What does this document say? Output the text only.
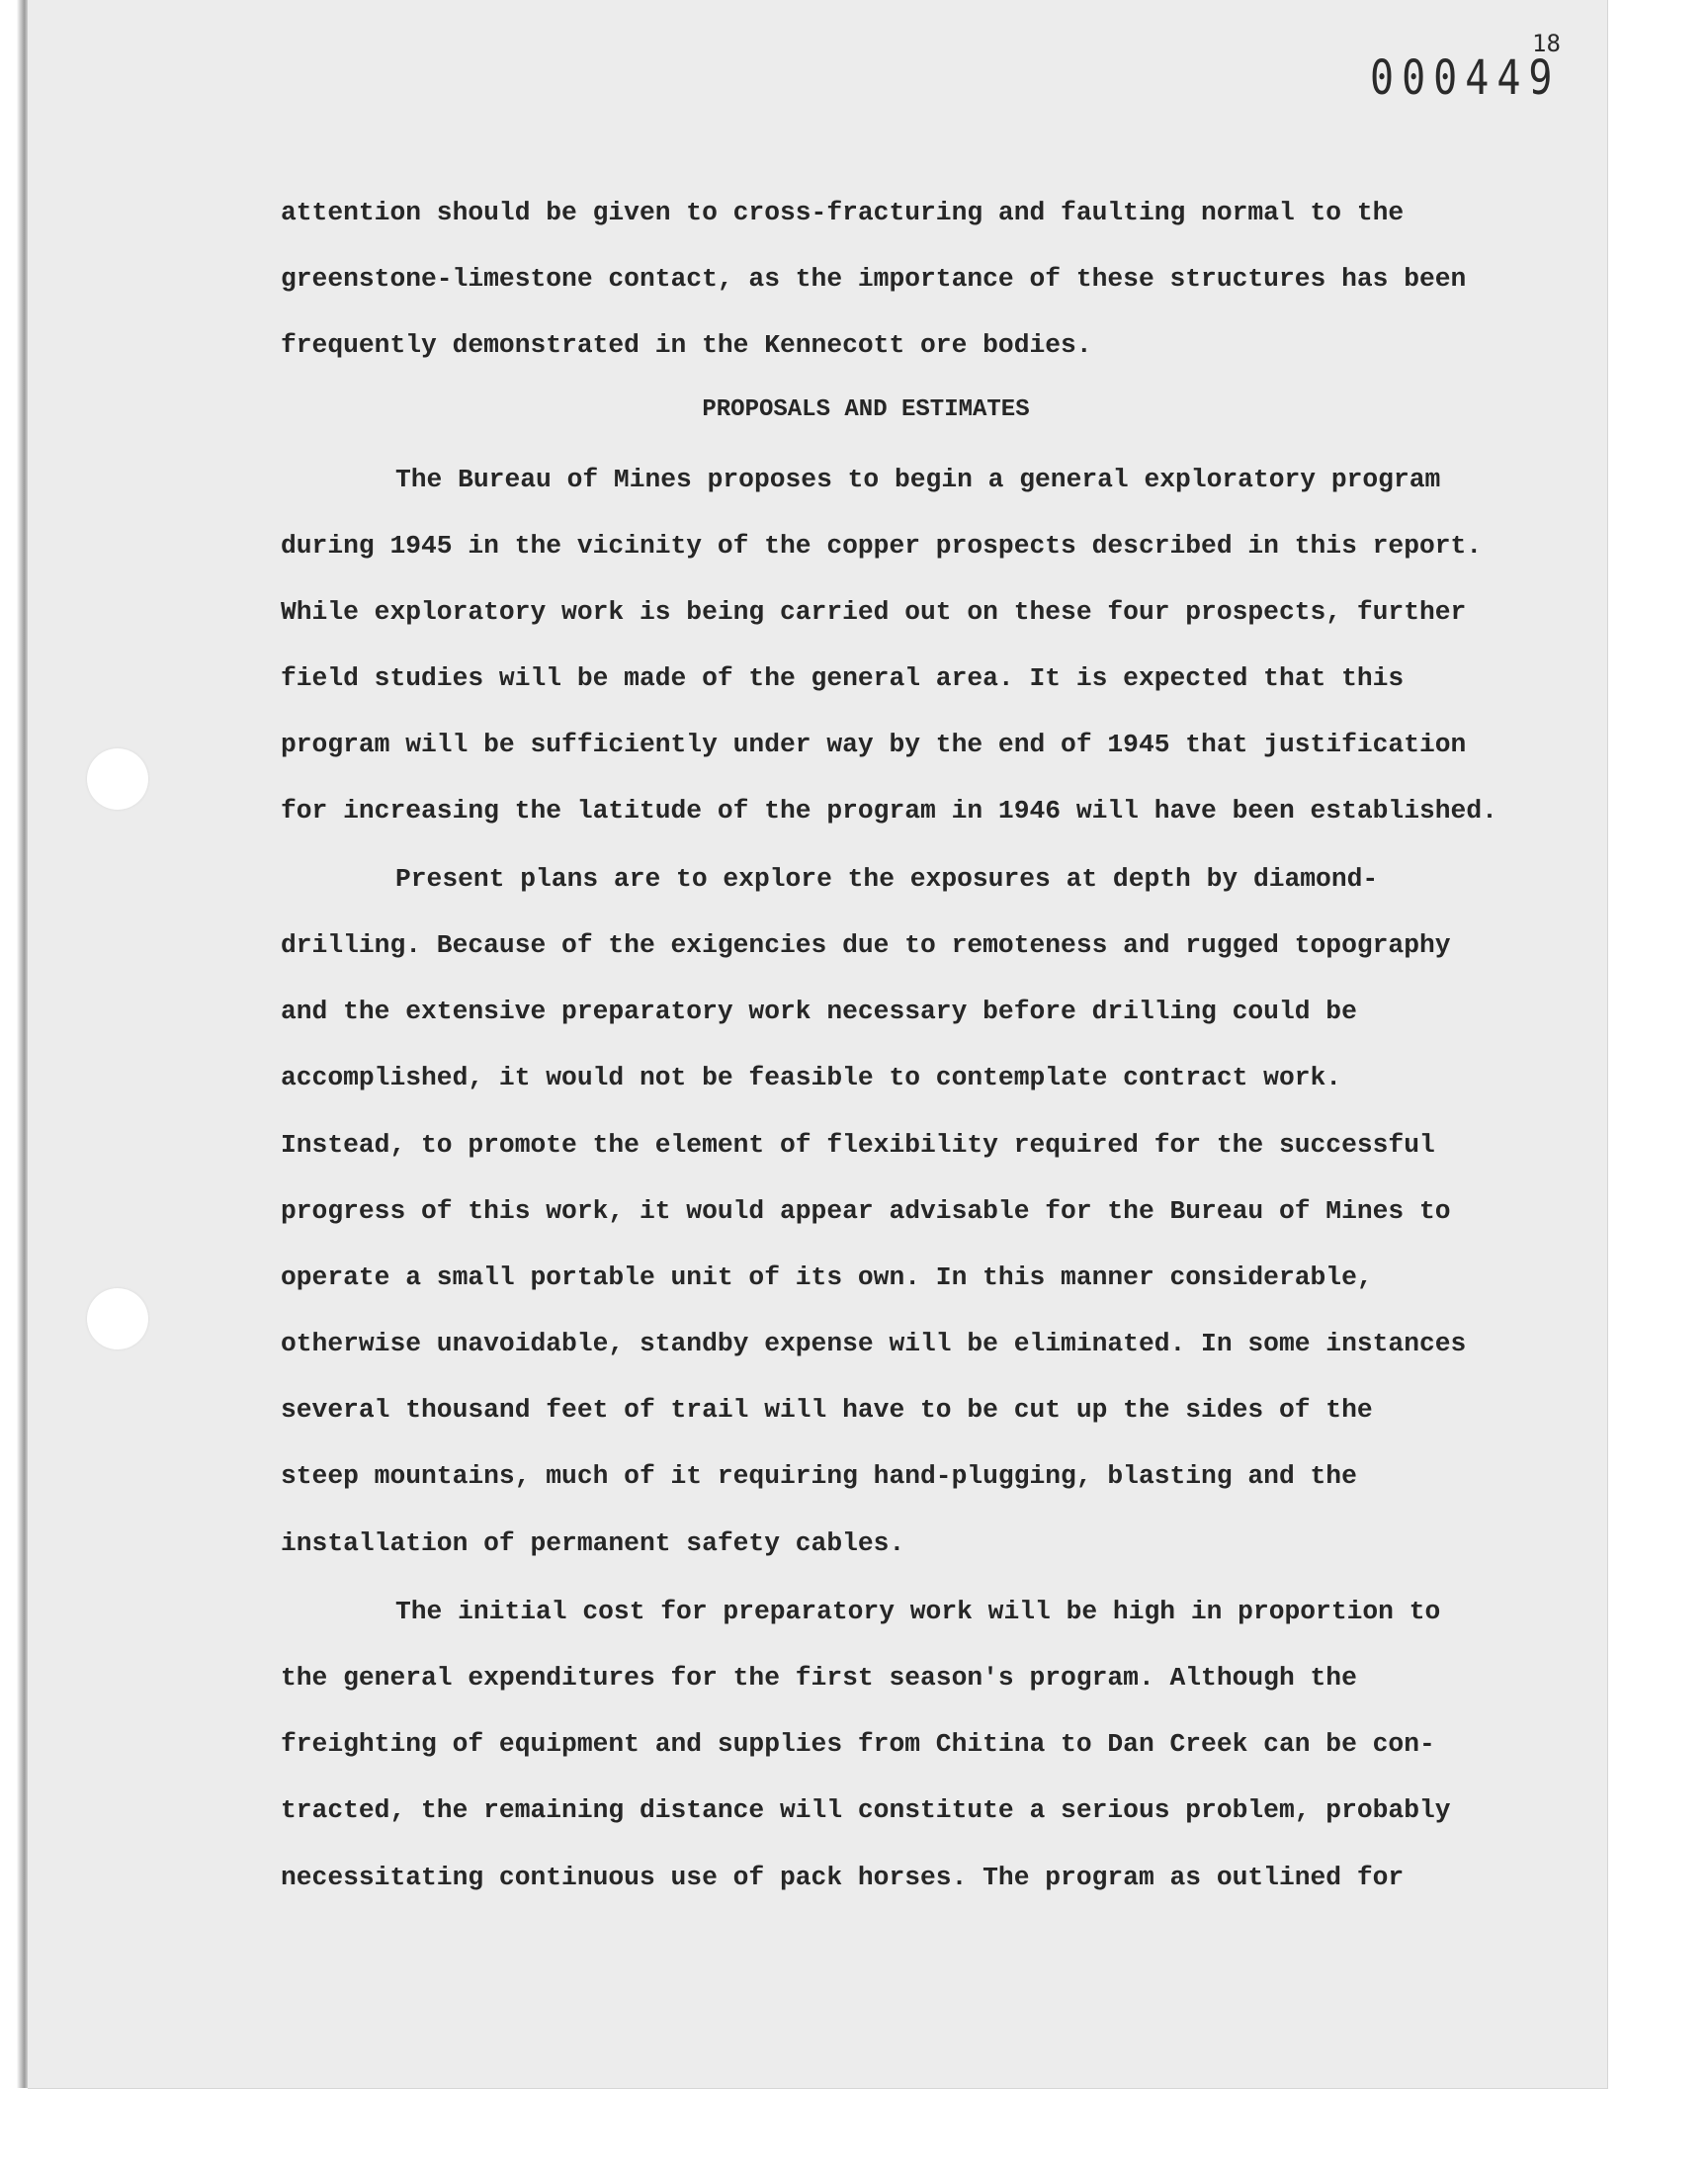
000449
18

attention should be given to cross-fracturing and faulting normal to the

greenstone-limestone contact, as the importance of these structures has been

frequently demonstrated in the Kennecott ore bodies.

PROPOSALS AND ESTIMATES

The Bureau of Mines proposes to begin a general exploratory program

during 1945 in the vicinity of the copper prospects described in this report.

While exploratory work is being carried out on these four prospects, further

field studies will be made of the general area. It is expected that this

program will be sufficiently under way by the end of 1945 that justification

for increasing the latitude of the program in 1946 will have been established.

Present plans are to explore the exposures at depth by diamond-

drilling. Because of the exigencies due to remoteness and rugged topography

and the extensive preparatory work necessary before drilling could be

accomplished, it would not be feasible to contemplate contract work.

Instead, to promote the element of flexibility required for the successful

progress of this work, it would appear advisable for the Bureau of Mines to

operate a small portable unit of its own. In this manner considerable,

otherwise unavoidable, standby expense will be eliminated. In some instances

several thousand feet of trail will have to be cut up the sides of the

steep mountains, much of it requiring hand-plugging, blasting and the

installation of permanent safety cables.

The initial cost for preparatory work will be high in proportion to

the general expenditures for the first season's program. Although the

freighting of equipment and supplies from Chitina to Dan Creek can be con-

tracted, the remaining distance will constitute a serious problem, probably

necessitating continuous use of pack horses. The program as outlined for
